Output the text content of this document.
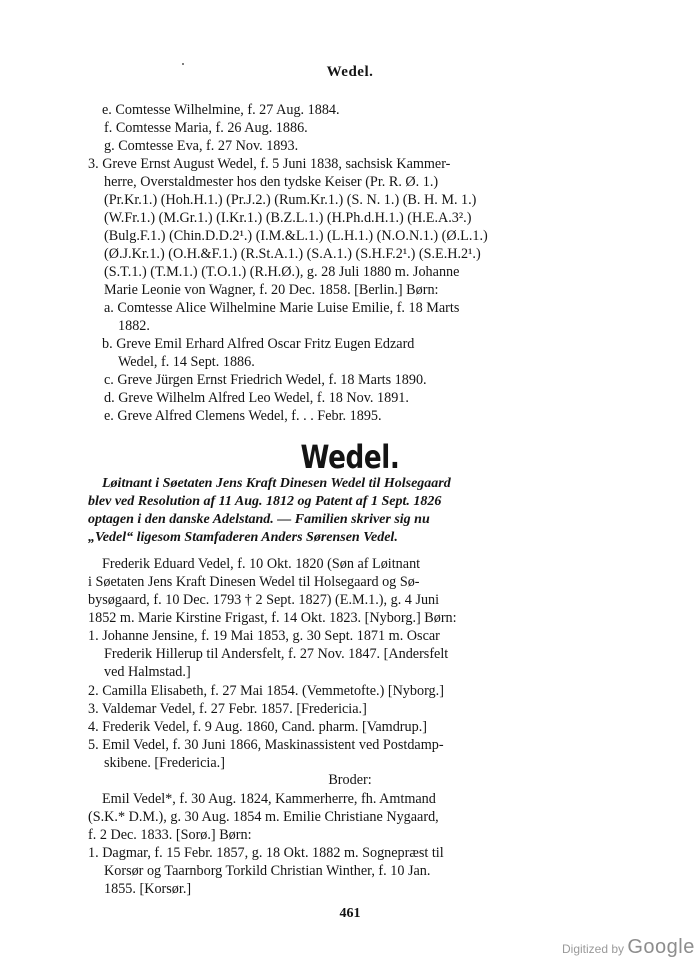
Wedel.
e. Comtesse Wilhelmine, f. 27 Aug. 1884.
f. Comtesse Maria, f. 26 Aug. 1886.
g. Comtesse Eva, f. 27 Nov. 1893.
3. Greve Ernst August Wedel, f. 5 Juni 1838, sachsisk Kammer-
herre, Overstaldmester hos den tydske Keiser (Pr. R. Ø. 1.)
(Pr.Kr.1.) (Hoh.H.1.) (Pr.J.2.) (Rum.Kr.1.) (S. N. 1.) (B. H. M. 1.)
(W.Fr.1.) (M.Gr.1.) (I.Kr.1.) (B.Z.L.1.) (H.Ph.d.H.1.) (H.E.A.3².)
(Bulg.F.1.) (Chin.D.D.2¹.) (I.M.&L.1.) (L.H.1.) (N.O.N.1.) (Ø.L.1.)
(Ø.J.Kr.1.) (O.H.&F.1.) (R.St.A.1.) (S.A.1.) (S.H.F.2¹.) (S.E.H.2¹.)
(S.T.1.) (T.M.1.) (T.O.1.) (R.H.Ø.), g. 28 Juli 1880 m. Johanne
Marie Leonie von Wagner, f. 20 Dec. 1858. [Berlin.] Børn:
a. Comtesse Alice Wilhelmine Marie Luise Emilie, f. 18 Marts
1882.
b. Greve Emil Erhard Alfred Oscar Fritz Eugen Edzard
Wedel, f. 14 Sept. 1886.
c. Greve Jürgen Ernst Friedrich Wedel, f. 18 Marts 1890.
d. Greve Wilhelm Alfred Leo Wedel, f. 18 Nov. 1891.
e. Greve Alfred Clemens Wedel, f. . . Febr. 1895.
Wedel.
Løitnant i Søetaten Jens Kraft Dinesen Wedel til Holsegaard
blev ved Resolution af 11 Aug. 1812 og Patent af 1 Sept. 1826
optagen i den danske Adelstand. — Familien skriver sig nu
„Vedel“ ligesom Stamfaderen Anders Sørensen Vedel.
Frederik Eduard Vedel, f. 10 Okt. 1820 (Søn af Løitnant
i Søetaten Jens Kraft Dinesen Wedel til Holsegaard og Sø-
bysøgaard, f. 10 Dec. 1793 † 2 Sept. 1827) (E.M.1.), g. 4 Juni
1852 m. Marie Kirstine Frigast, f. 14 Okt. 1823. [Nyborg.] Børn:
1. Johanne Jensine, f. 19 Mai 1853, g. 30 Sept. 1871 m. Oscar
Frederik Hillerup til Andersfelt, f. 27 Nov. 1847. [Andersfelt
ved Halmstad.]
2. Camilla Elisabeth, f. 27 Mai 1854. (Vemmetofte.) [Nyborg.]
3. Valdemar Vedel, f. 27 Febr. 1857. [Fredericia.]
4. Frederik Vedel, f. 9 Aug. 1860, Cand. pharm. [Vamdrup.]
5. Emil Vedel, f. 30 Juni 1866, Maskinassistent ved Postdamp-
skibene. [Fredericia.]
Broder:
Emil Vedel*, f. 30 Aug. 1824, Kammerherre, fh. Amtmand
(S.K.* D.M.), g. 30 Aug. 1854 m. Emilie Christiane Nygaard,
f. 2 Dec. 1833. [Sorø.] Børn:
1. Dagmar, f. 15 Febr. 1857, g. 18 Okt. 1882 m. Sognepræst til
Korsør og Taarnborg Torkild Christian Winther, f. 10 Jan.
1855. [Korsør.]
461
Digitized by Google
